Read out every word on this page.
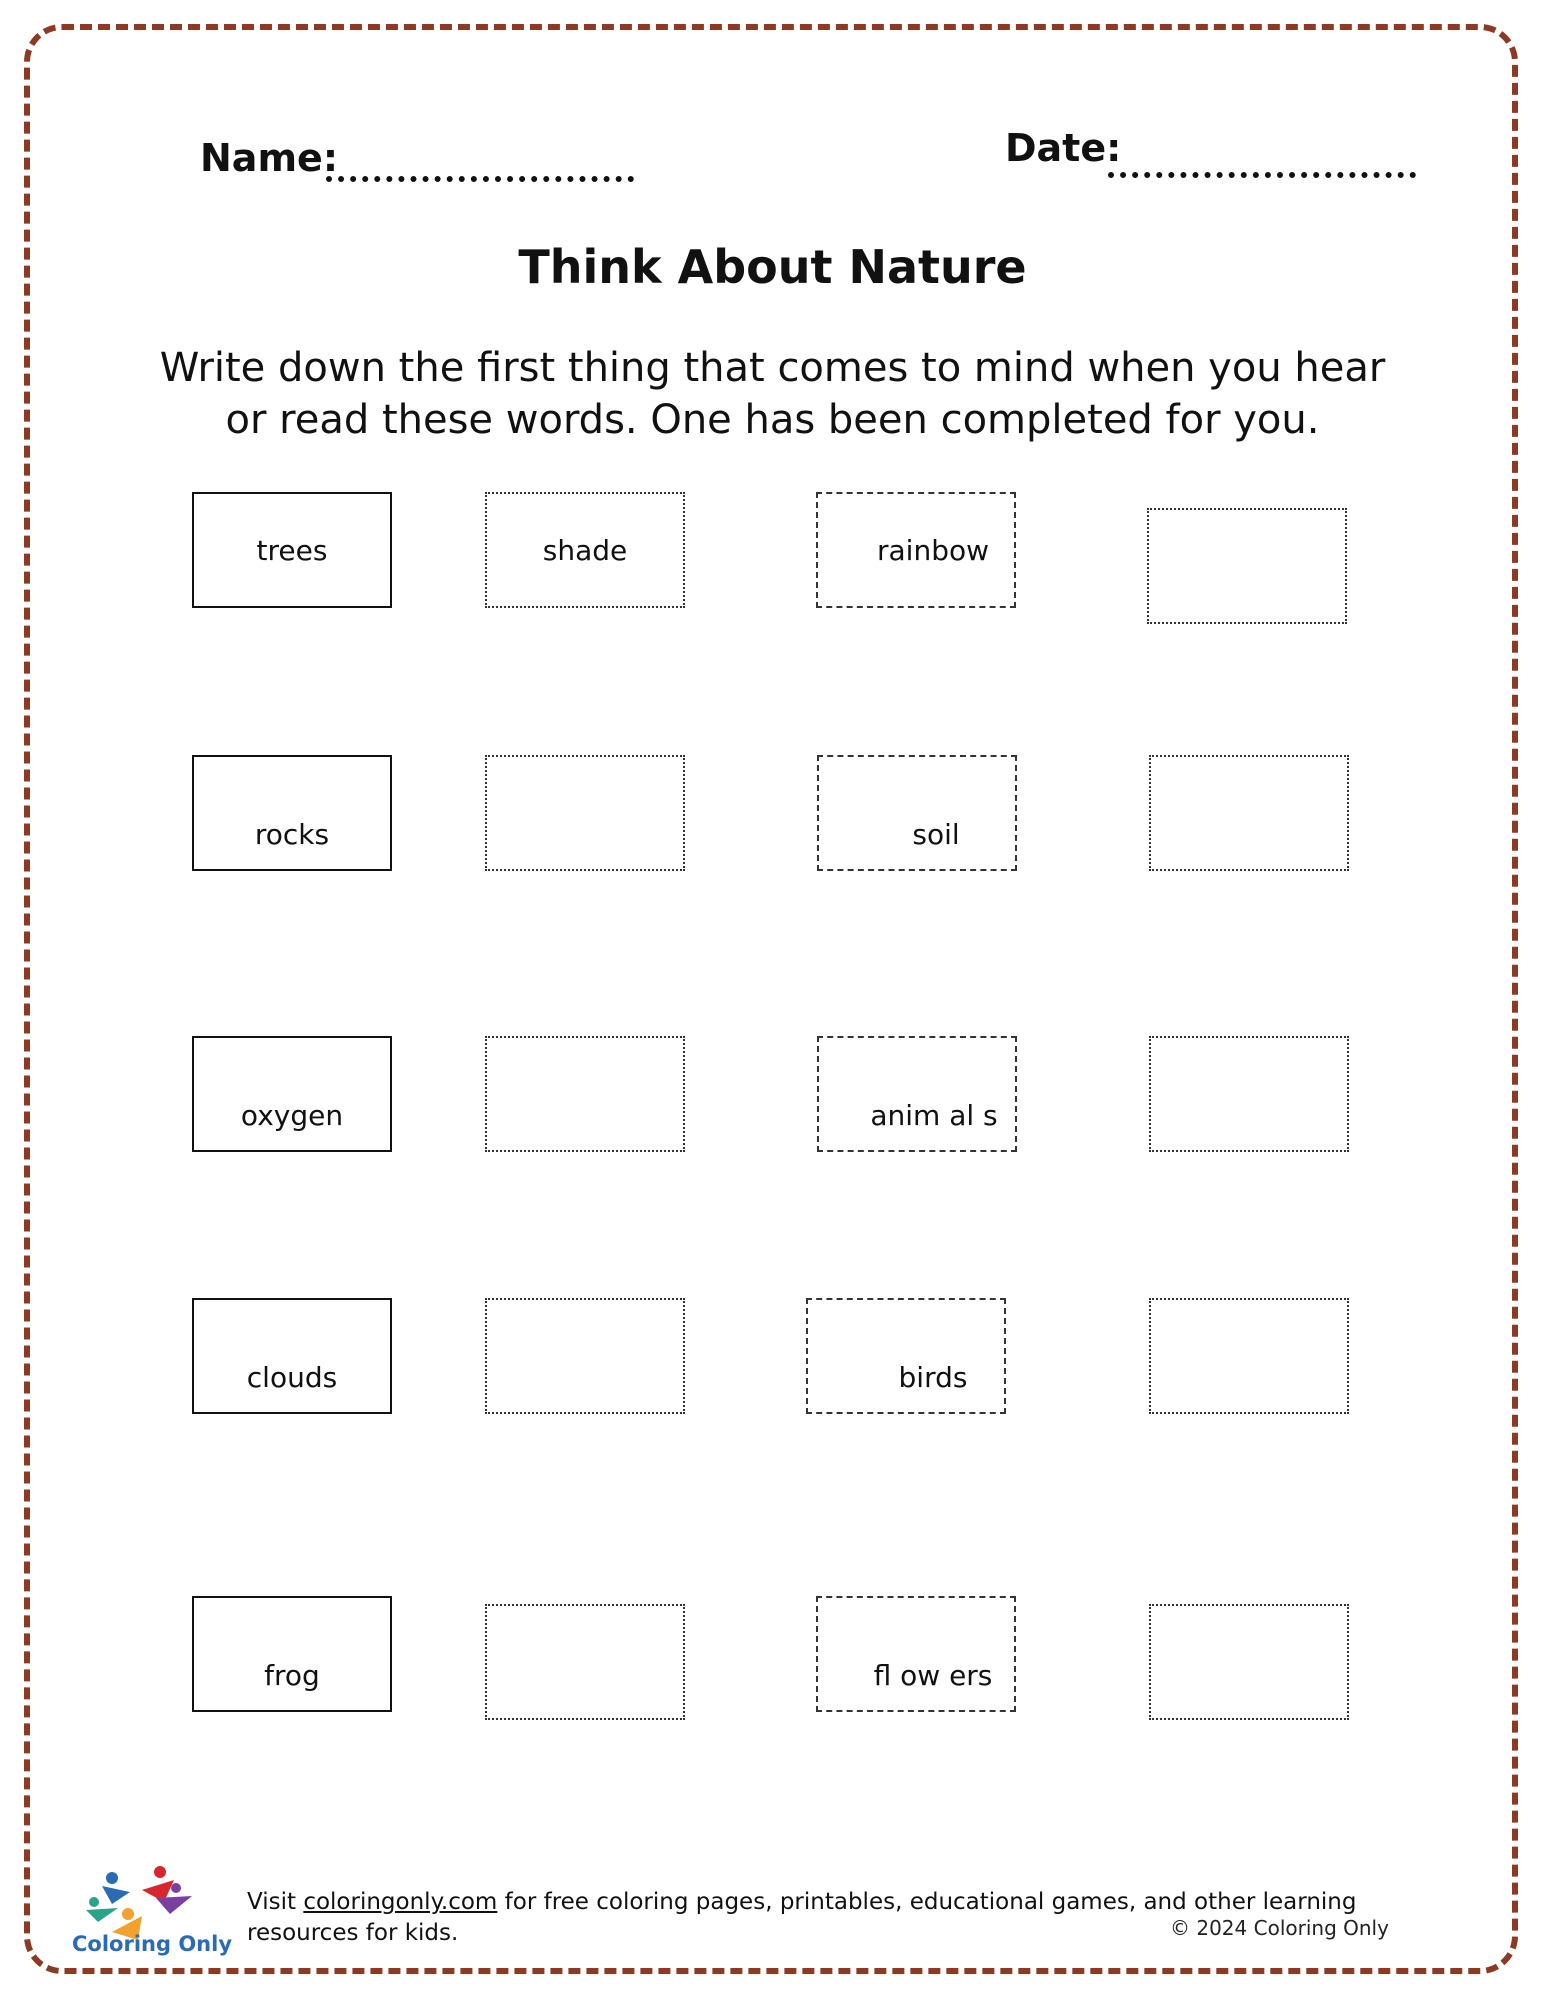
Name:	Date:
Think About Nature
Write down the first thing that comes to mind when you hear
or read these words. One has been completed for you.
trees	shade	rainbow
rocks	soil
oxygen	anim al s
clouds	birds
frog	fl ow ers
Coloring Only
Visit coloringonly.com for free coloring pages, printables, educational games, and other learning resources for kids.	© 2024 Coloring Only
